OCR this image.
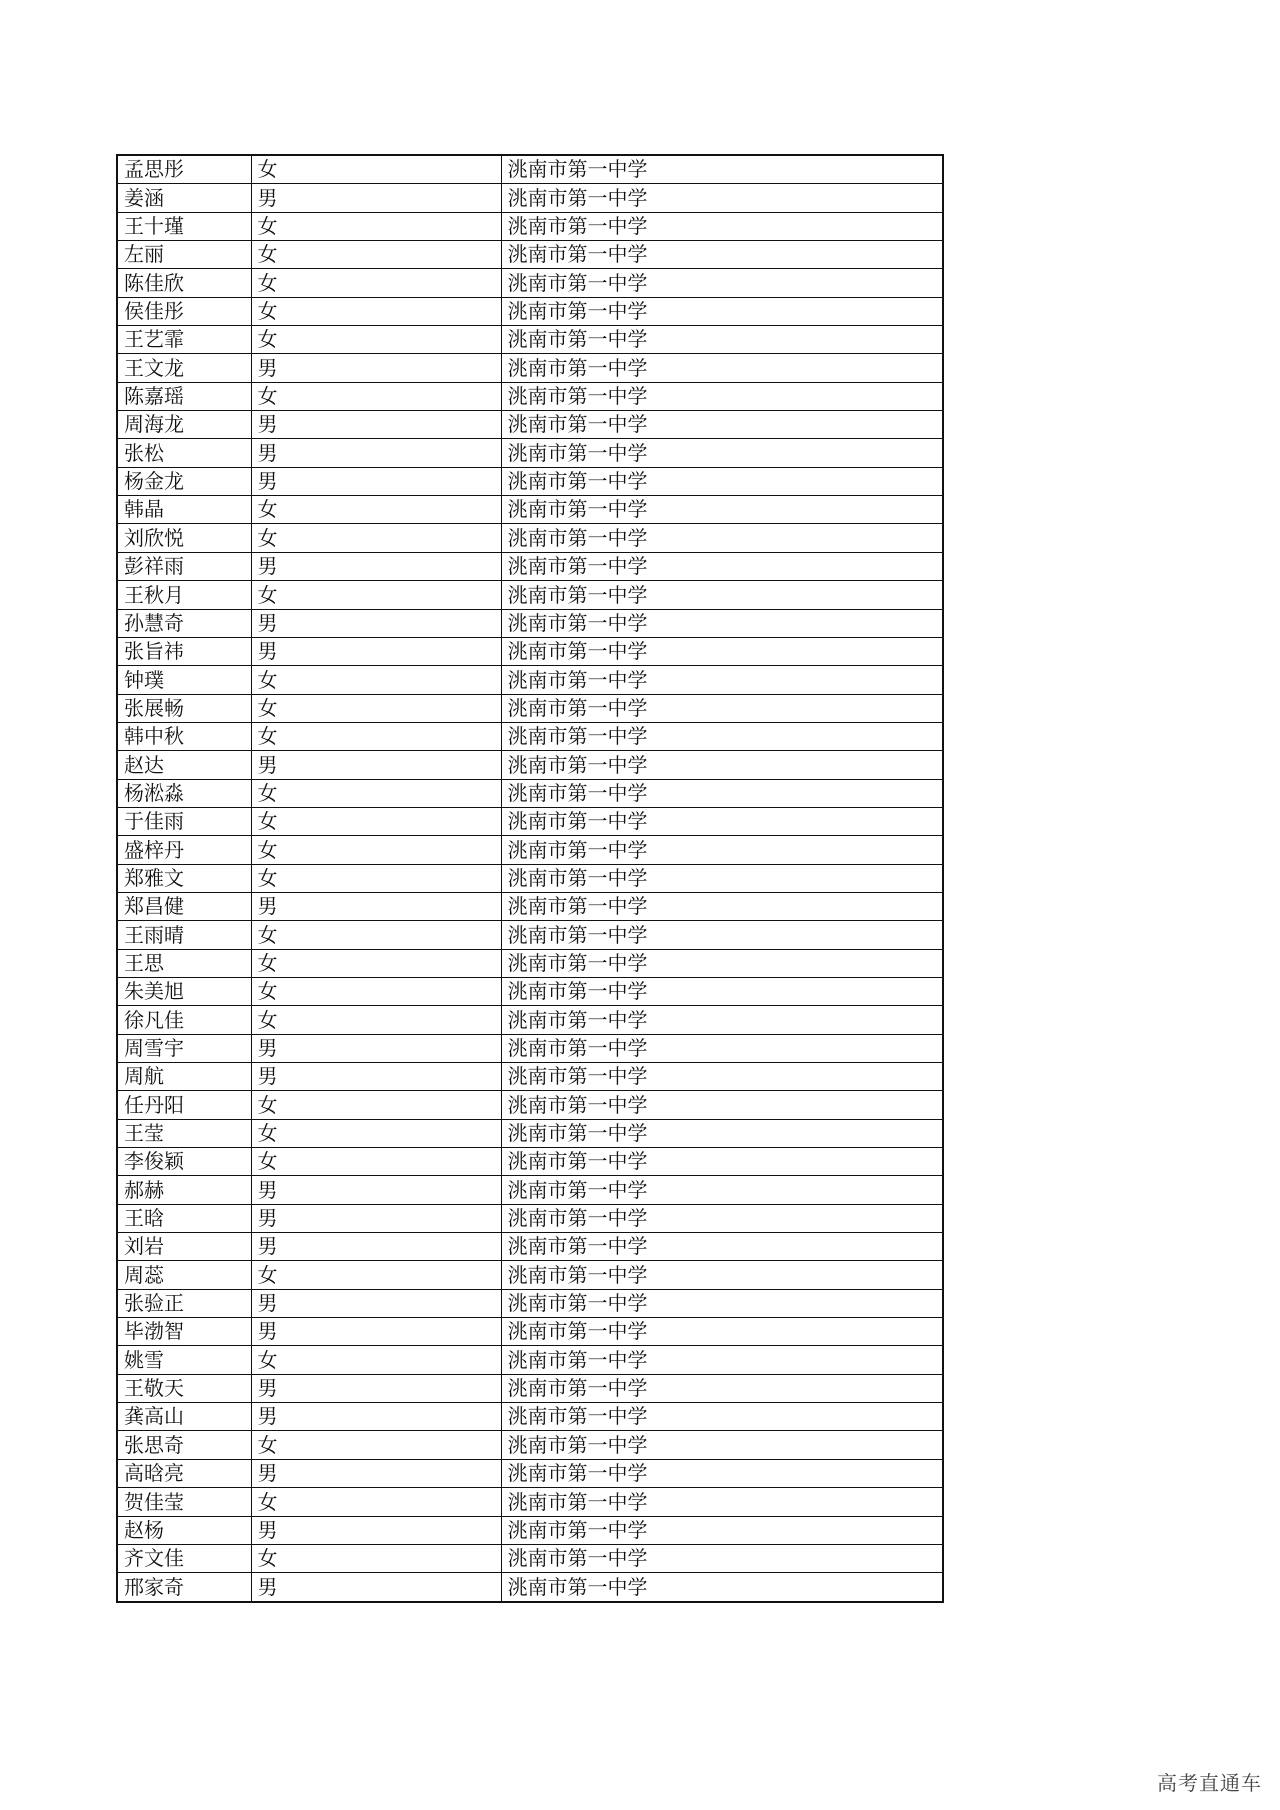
孟思彤	女	洮南市第一中学
姜涵	男	洮南市第一中学
王十瑾	女	洮南市第一中学
左丽	女	洮南市第一中学
陈佳欣	女	洮南市第一中学
侯佳彤	女	洮南市第一中学
王艺霏	女	洮南市第一中学
王文龙	男	洮南市第一中学
陈嘉瑶	女	洮南市第一中学
周海龙	男	洮南市第一中学
张松	男	洮南市第一中学
杨金龙	男	洮南市第一中学
韩晶	女	洮南市第一中学
刘欣悦	女	洮南市第一中学
彭祥雨	男	洮南市第一中学
王秋月	女	洮南市第一中学
孙慧奇	男	洮南市第一中学
张旨祎	男	洮南市第一中学
钟璞	女	洮南市第一中学
张展畅	女	洮南市第一中学
韩中秋	女	洮南市第一中学
赵达	男	洮南市第一中学
杨淞淼	女	洮南市第一中学
于佳雨	女	洮南市第一中学
盛梓丹	女	洮南市第一中学
郑雅文	女	洮南市第一中学
郑昌健	男	洮南市第一中学
王雨晴	女	洮南市第一中学
王思	女	洮南市第一中学
朱美旭	女	洮南市第一中学
徐凡佳	女	洮南市第一中学
周雪宇	男	洮南市第一中学
周航	男	洮南市第一中学
任丹阳	女	洮南市第一中学
王莹	女	洮南市第一中学
李俊颖	女	洮南市第一中学
郝赫	男	洮南市第一中学
王晗	男	洮南市第一中学
刘岩	男	洮南市第一中学
周蕊	女	洮南市第一中学
张验正	男	洮南市第一中学
毕渤智	男	洮南市第一中学
姚雪	女	洮南市第一中学
王敬天	男	洮南市第一中学
龚高山	男	洮南市第一中学
张思奇	女	洮南市第一中学
高晗亮	男	洮南市第一中学
贺佳莹	女	洮南市第一中学
赵杨	男	洮南市第一中学
齐文佳	女	洮南市第一中学
邢家奇	男	洮南市第一中学
高考直通车
